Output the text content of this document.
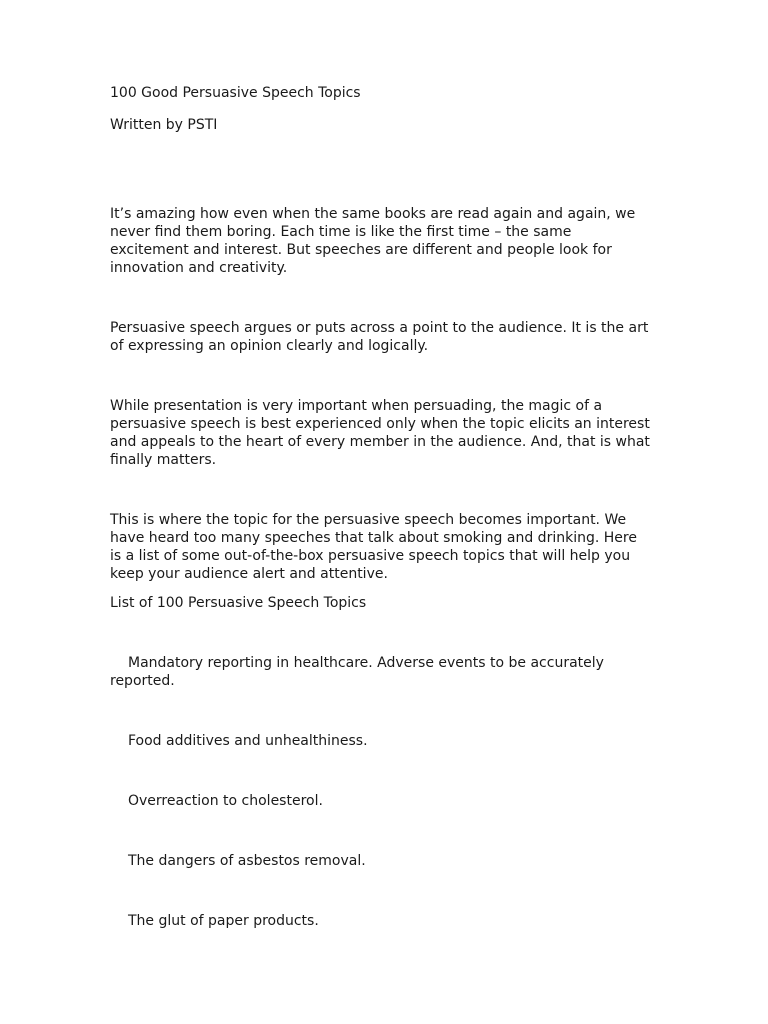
100 Good Persuasive Speech Topics

Written by PSTI

It’s amazing how even when the same books are read again and again, we
never find them boring. Each time is like the first time – the same
excitement and interest. But speeches are different and people look for
innovation and creativity.
Persuasive speech argues or puts across a point to the audience. It is the art
of expressing an opinion clearly and logically.
While presentation is very important when persuading, the magic of a
persuasive speech is best experienced only when the topic elicits an interest
and appeals to the heart of every member in the audience. And, that is what
finally matters.
This is where the topic for the persuasive speech becomes important. We
have heard too many speeches that talk about smoking and drinking. Here
is a list of some out-of-the-box persuasive speech topics that will help you
keep your audience alert and attentive.

List of 100 Persuasive Speech Topics

Mandatory reporting in healthcare. Adverse events to be accurately
reported.
Food additives and unhealthiness.
Overreaction to cholesterol.
The dangers of asbestos removal.
The glut of paper products.
